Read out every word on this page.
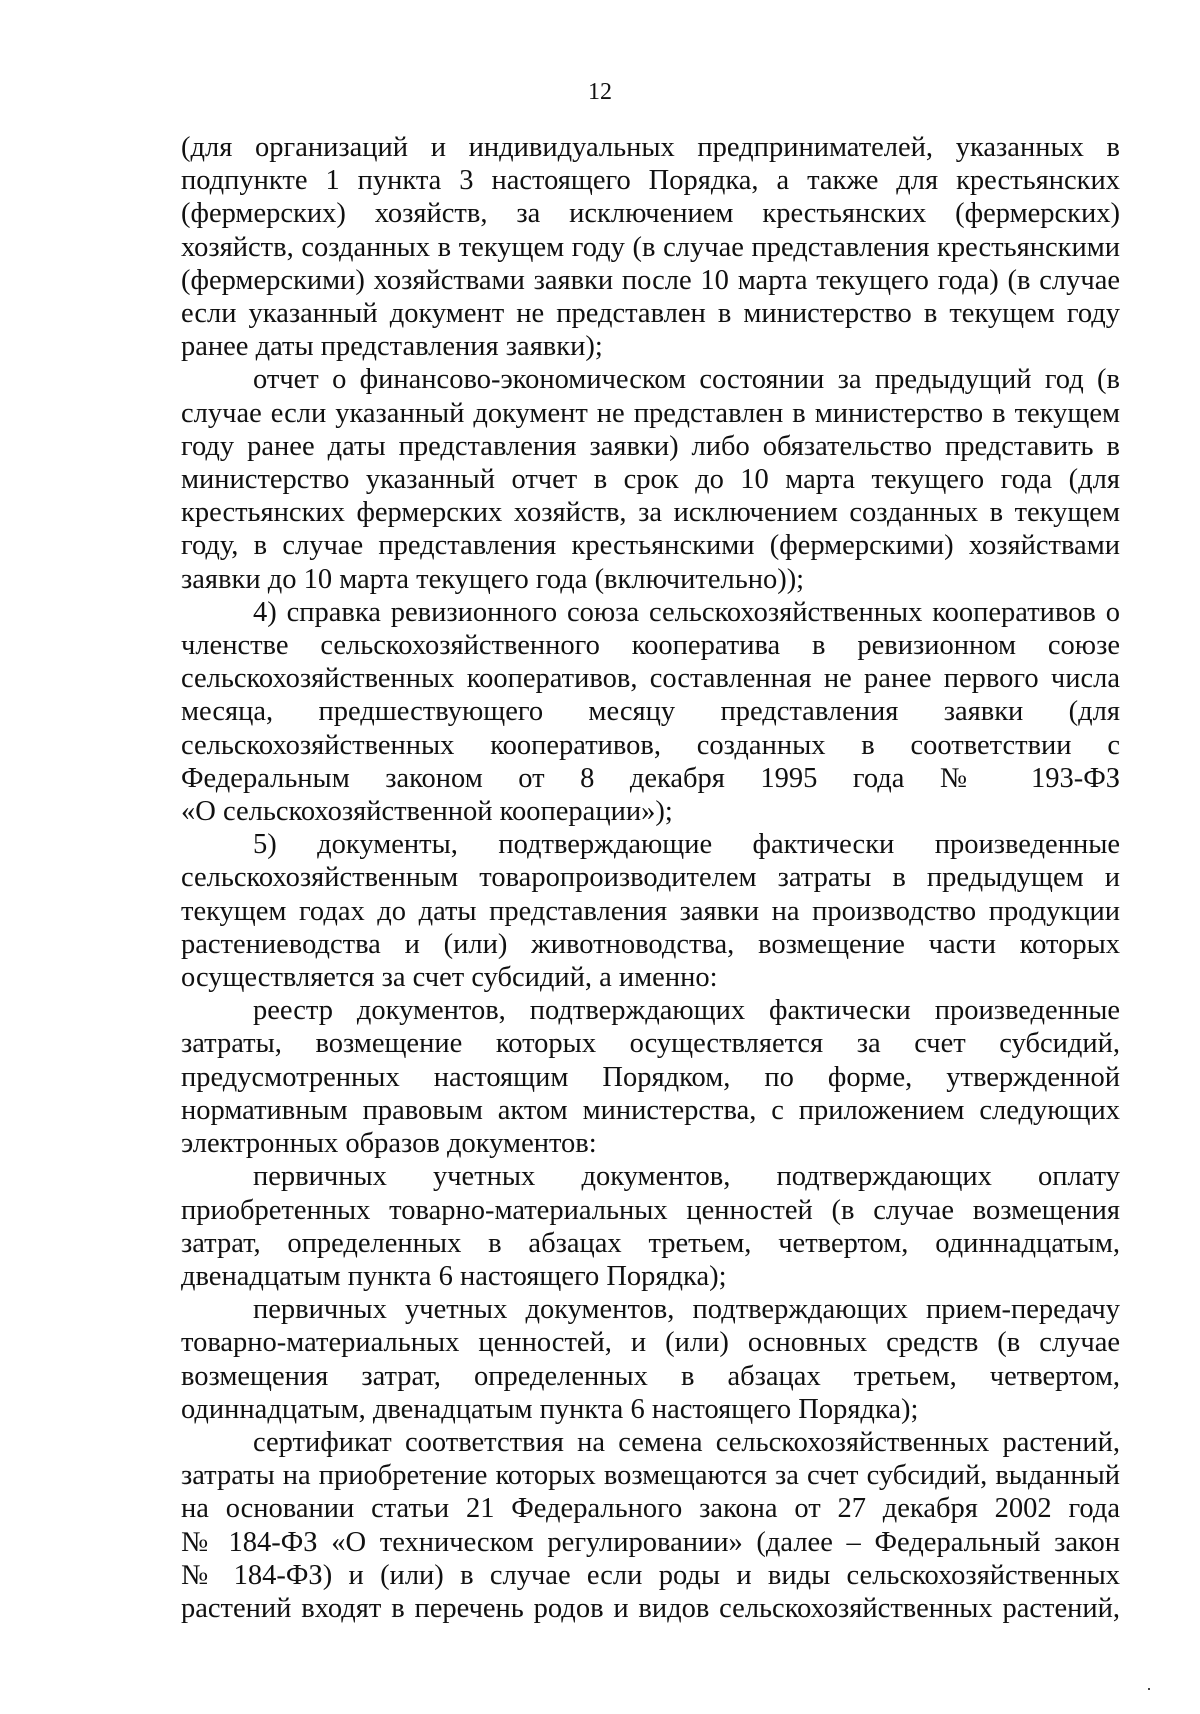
12
(для организаций и индивидуальных предпринимателей, указанных в
подпункте 1 пункта 3 настоящего Порядка, а также для крестьянских
(фермерских) хозяйств, за исключением крестьянских (фермерских)
хозяйств, созданных в текущем году (в случае представления крестьянскими
(фермерскими) хозяйствами заявки после 10 марта текущего года) (в случае
если указанный документ не представлен в министерство в текущем году
ранее даты представления заявки);
отчет о финансово-экономическом состоянии за предыдущий год (в
случае если указанный документ не представлен в министерство в текущем
году ранее даты представления заявки) либо обязательство представить в
министерство указанный отчет в срок до 10 марта текущего года (для
крестьянских фермерских хозяйств, за исключением созданных в текущем
году, в случае представления крестьянскими (фермерскими) хозяйствами
заявки до 10 марта текущего года (включительно));
4) справка ревизионного союза сельскохозяйственных кооперативов о
членстве сельскохозяйственного кооператива в ревизионном союзе
сельскохозяйственных кооперативов, составленная не ранее первого числа
месяца, предшествующего месяцу представления заявки (для
сельскохозяйственных кооперативов, созданных в соответствии с
Федеральным законом от 8 декабря 1995 года № 193-ФЗ
«О сельскохозяйственной кооперации»);
5) документы, подтверждающие фактически произведенные
сельскохозяйственным товаропроизводителем затраты в предыдущем и
текущем годах до даты представления заявки на производство продукции
растениеводства и (или) животноводства, возмещение части которых
осуществляется за счет субсидий, а именно:
реестр документов, подтверждающих фактически произведенные
затраты, возмещение которых осуществляется за счет субсидий,
предусмотренных настоящим Порядком, по форме, утвержденной
нормативным правовым актом министерства, с приложением следующих
электронных образов документов:
первичных учетных документов, подтверждающих оплату
приобретенных товарно-материальных ценностей (в случае возмещения
затрат, определенных в абзацах третьем, четвертом, одиннадцатым,
двенадцатым пункта 6 настоящего Порядка);
первичных учетных документов, подтверждающих прием-передачу
товарно-материальных ценностей, и (или) основных средств (в случае
возмещения затрат, определенных в абзацах третьем, четвертом,
одиннадцатым, двенадцатым пункта 6 настоящего Порядка);
сертификат соответствия на семена сельскохозяйственных растений,
затраты на приобретение которых возмещаются за счет субсидий, выданный
на основании статьи 21 Федерального закона от 27 декабря 2002 года
№ 184-ФЗ «О техническом регулировании» (далее – Федеральный закон
№ 184-ФЗ) и (или) в случае если роды и виды сельскохозяйственных
растений входят в перечень родов и видов сельскохозяйственных растений,
